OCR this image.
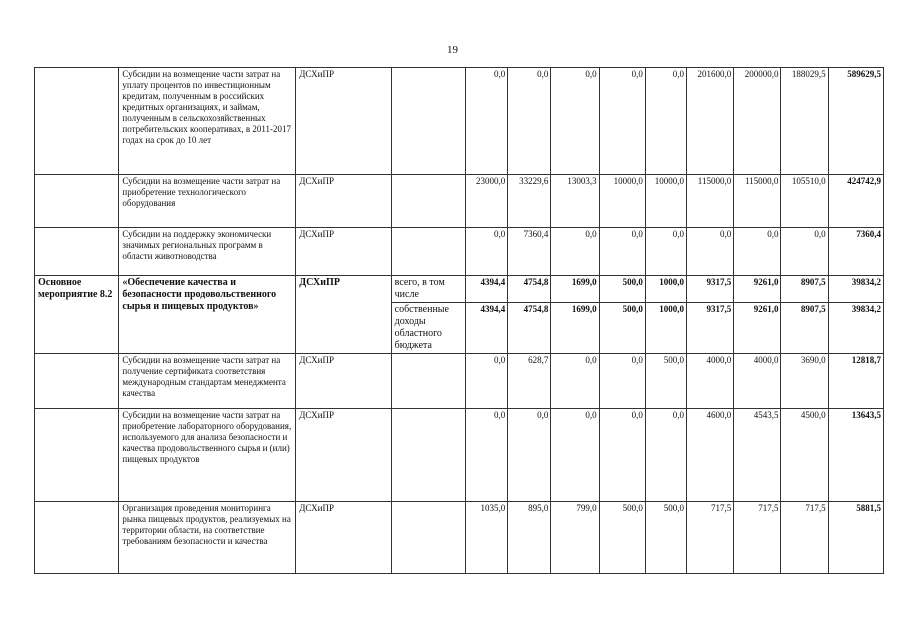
19
	Субсидии на возмещение части затрат на уплату процентов по инвестиционным кредитам, полученным в российских кредитных организациях, и займам, полученным в сельскохозяйственных потребительских кооперативах, в 2011-2017 годах на срок до 10 лет	ДСХиПР		0,0	0,0	0,0	0,0	0,0	201600,0	200000,0	188029,5	589629,5
	Субсидии на возмещение части затрат на приобретение технологического оборудования	ДСХиПР		23000,0	33229,6	13003,3	10000,0	10000,0	115000,0	115000,0	105510,0	424742,9
	Субсидии на поддержку экономически значимых региональных программ в области животноводства	ДСХиПР		0,0	7360,4	0,0	0,0	0,0	0,0	0,0	0,0	7360,4
Основное мероприятие 8.2	«Обеспечение качества и безопасности продовольственного сырья и пищевых продуктов»	ДСХиПР	всего, в том числе	4394,4	4754,8	1699,0	500,0	1000,0	9317,5	9261,0	8907,5	39834,2
			собственные доходы областного бюджета	4394,4	4754,8	1699,0	500,0	1000,0	9317,5	9261,0	8907,5	39834,2
	Субсидии на возмещение части затрат на получение сертификата соответствия международным стандартам менеджмента качества	ДСХиПР		0,0	628,7	0,0	0,0	500,0	4000,0	4000,0	3690,0	12818,7
	Субсидии на возмещение части затрат на приобретение лабораторного оборудования, используемого для анализа безопасности и качества продовольственного сырья и (или) пищевых продуктов	ДСХиПР		0,0	0,0	0,0	0,0	0,0	4600,0	4543,5	4500,0	13643,5
	Организация проведения мониторинга рынка пищевых продуктов, реализуемых на территории области, на соответствие требованиям безопасности и качества	ДСХиПР		1035,0	895,0	799,0	500,0	500,0	717,5	717,5	717,5	5881,5
